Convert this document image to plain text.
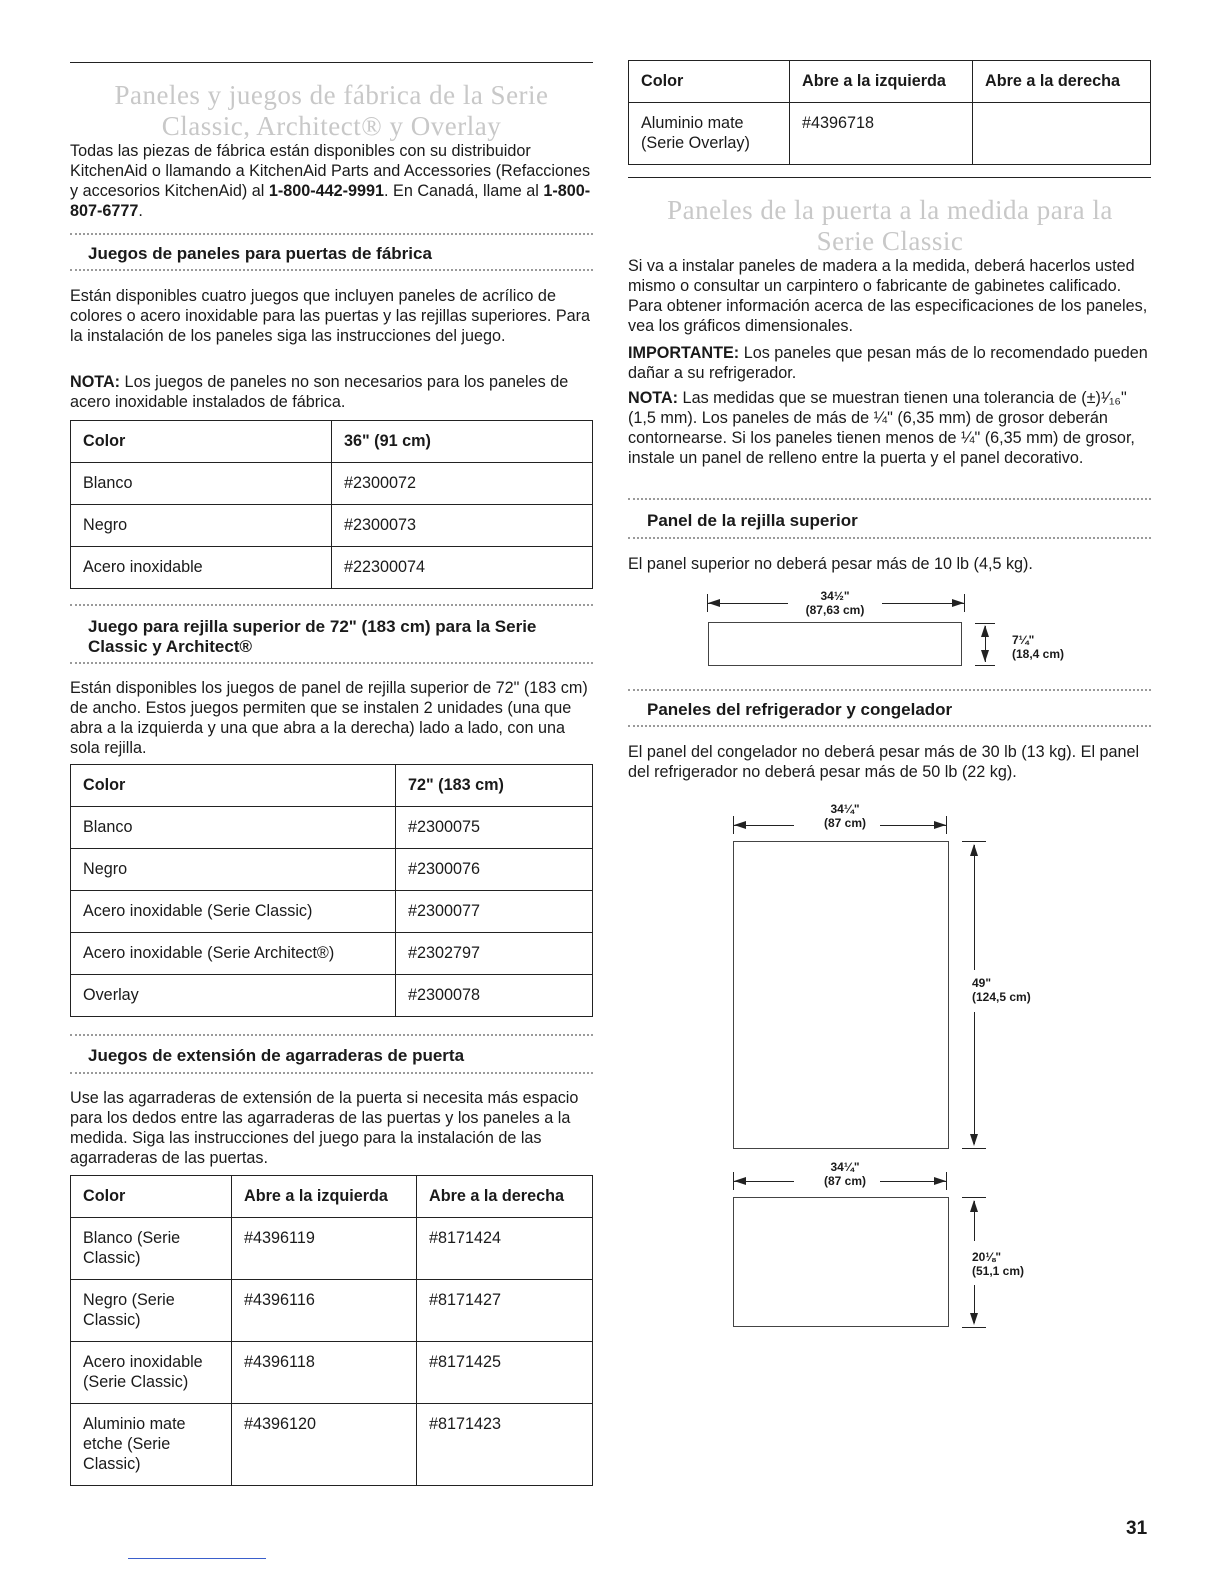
Paneles y juegos de fábrica de la Serie Classic, Architect® y Overlay

Todas las piezas de fábrica están disponibles con su distribuidor KitchenAid o llamando a KitchenAid Parts and Accessories (Refacciones y accesorios KitchenAid) al 1-800-442-9991. En Canadá, llame al 1-800-807-6777.

Juegos de paneles para puertas de fábrica

Están disponibles cuatro juegos que incluyen paneles de acrílico de colores o acero inoxidable para las puertas y las rejillas superiores. Para la instalación de los paneles siga las instrucciones del juego.

NOTA: Los juegos de paneles no son necesarios para los paneles de acero inoxidable instalados de fábrica.

Color	36" (91 cm)
Blanco	#2300072
Negro	#2300073
Acero inoxidable	#22300074
Juego para rejilla superior de 72" (183 cm) para la Serie Classic y Architect®

Están disponibles los juegos de panel de rejilla superior de 72" (183 cm) de ancho. Estos juegos permiten que se instalen 2 unidades (una que abra a la izquierda y una que abra a la derecha) lado a lado, con una sola rejilla.

Color	72" (183 cm)
Blanco	#2300075
Negro	#2300076
Acero inoxidable (Serie Classic)	#2300077
Acero inoxidable (Serie Architect®)	#2302797
Overlay	#2300078
Juegos de extensión de agarraderas de puerta

Use las agarraderas de extensión de la puerta si necesita más espacio para los dedos entre las agarraderas de las puertas y los paneles a la medida. Siga las instrucciones del juego para la instalación de las agarraderas de las puertas.

Color	Abre a la izquierda	Abre a la derecha
Blanco (Serie Classic)	#4396119	#8171424
Negro (Serie Classic)	#4396116	#8171427
Acero inoxidable (Serie Classic)	#4396118	#8171425
Aluminio mate etche (Serie Classic)	#4396120	#8171423
Color	Abre a la izquierda	Abre a la derecha
Aluminio mate (Serie Overlay)	#4396718	
Paneles de la puerta a la medida para la Serie Classic

Si va a instalar paneles de madera a la medida, deberá hacerlos usted mismo o consultar un carpintero o fabricante de gabinetes calificado. Para obtener información acerca de las especificaciones de los paneles, vea los gráficos dimensionales.

IMPORTANTE: Los paneles que pesan más de lo recomendado pueden dañar a su refrigerador.

NOTA: Las medidas que se muestran tienen una tolerancia de (±)¹⁄₁₆" (1,5 mm). Los paneles de más de ¼" (6,35 mm) de grosor deberán contornearse. Si los paneles tienen menos de ¼" (6,35 mm) de grosor, instale un panel de relleno entre la puerta y el panel decorativo.

Panel de la rejilla superior

El panel superior no deberá pesar más de 10 lb (4,5 kg).

34½"
(87,63 cm)
7¼"
(18,4 cm)
Paneles del refrigerador y congelador

El panel del congelador no deberá pesar más de 30 lb (13 kg). El panel del refrigerador no deberá pesar más de 50 lb (22 kg).

34¼"
(87 cm)
49"
(124,5 cm)
34¼"
(87 cm)
20⅛"
(51,1 cm)
31
